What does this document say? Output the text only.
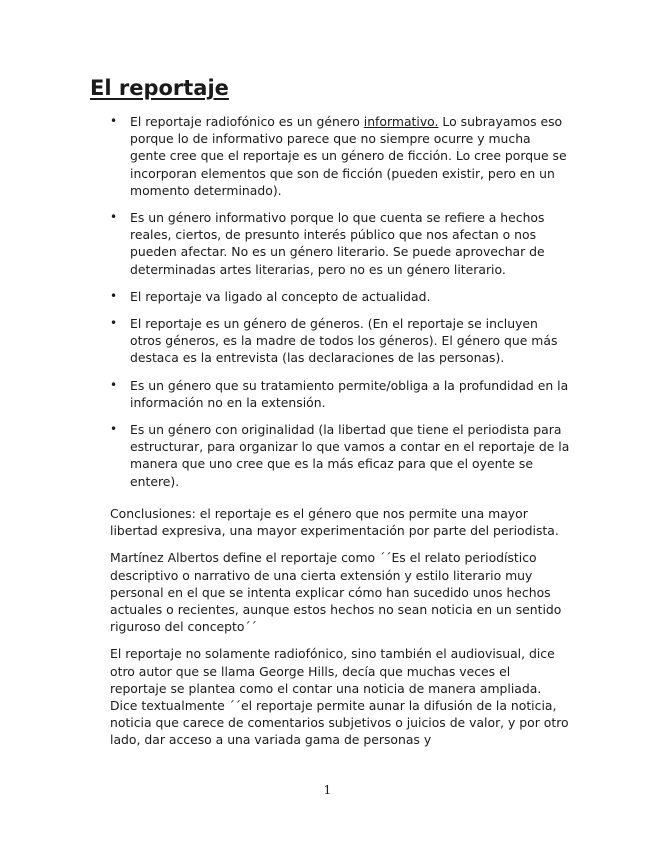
El reportaje
• El reportaje radiofónico es un género informativo. Lo subrayamos eso porque lo de informativo parece que no siempre ocurre y mucha gente cree que el reportaje es un género de ficción. Lo cree porque se incorporan elementos que son de ficción (pueden existir, pero en un momento determinado).
• Es un género informativo porque lo que cuenta se refiere a hechos reales, ciertos, de presunto interés público que nos afectan o nos pueden afectar. No es un género literario. Se puede aprovechar de determinadas artes literarias, pero no es un género literario.
• El reportaje va ligado al concepto de actualidad.
• El reportaje es un género de géneros. (En el reportaje se incluyen otros géneros, es la madre de todos los géneros). El género que más destaca es la entrevista (las declaraciones de las personas).
• Es un género que su tratamiento permite/obliga a la profundidad en la información no en la extensión.
• Es un género con originalidad (la libertad que tiene el periodista para estructurar, para organizar lo que vamos a contar en el reportaje de la manera que uno cree que es la más eficaz para que el oyente se entere).

Conclusiones: el reportaje es el género que nos permite una mayor libertad expresiva, una mayor experimentación por parte del periodista.

Martínez Albertos define el reportaje como ´´Es el relato periodístico descriptivo o narrativo de una cierta extensión y estilo literario muy personal en el que se intenta explicar cómo han sucedido unos hechos actuales o recientes, aunque estos hechos no sean noticia en un sentido riguroso del concepto´´

El reportaje no solamente radiofónico, sino también el audiovisual, dice otro autor que se llama George Hills, decía que muchas veces el reportaje se plantea como el contar una noticia de manera ampliada. Dice textualmente ´´el reportaje permite aunar la difusión de la noticia, noticia que carece de comentarios subjetivos o juicios de valor, y por otro lado, dar acceso a una variada gama de personas y

1
